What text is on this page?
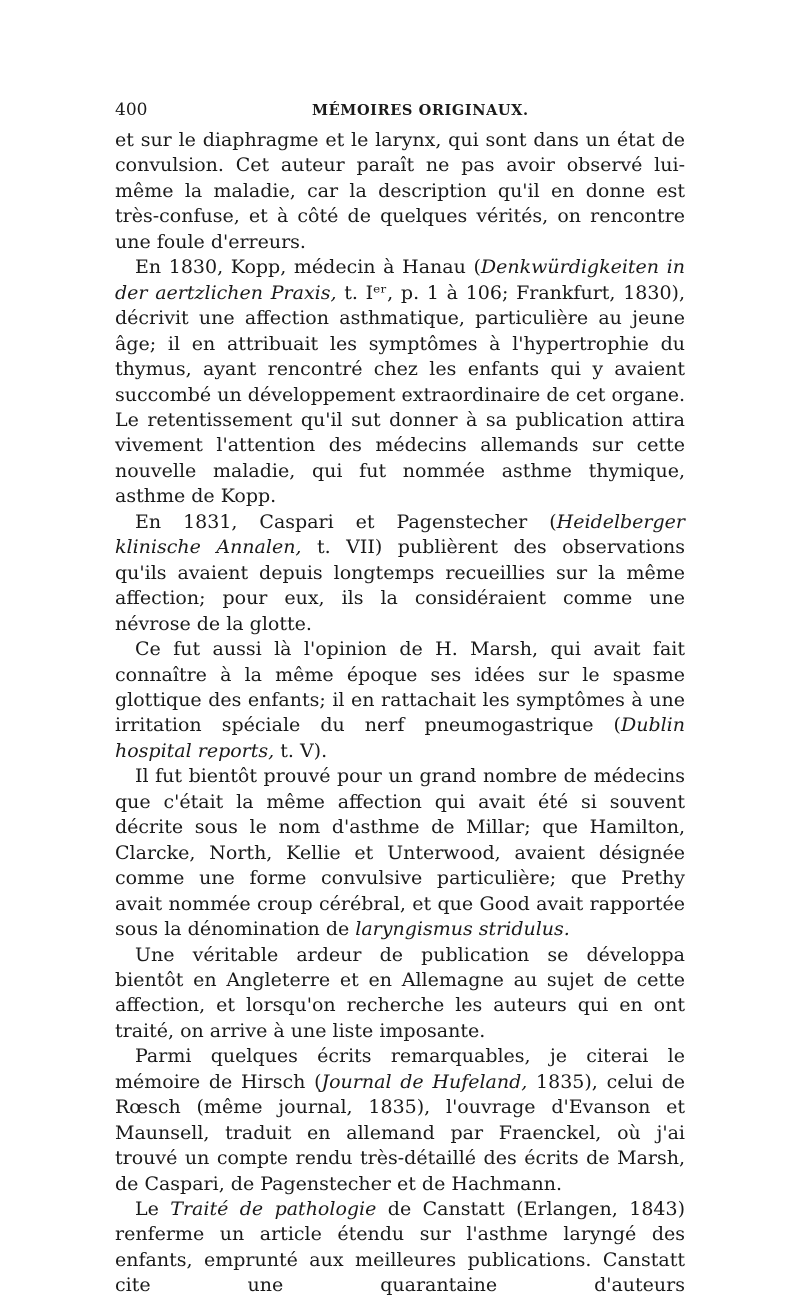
400	MÉMOIRES ORIGINAUX.

et sur le diaphragme et le larynx, qui sont dans un état de convulsion. Cet auteur paraît ne pas avoir observé lui-même la maladie, car la description qu'il en donne est très-confuse, et à côté de quelques vérités, on rencontre une foule d'erreurs.

En 1830, Kopp, médecin à Hanau (Denkwürdigkeiten in der aertzlichen Praxis, t. Iᵉʳ, p. 1 à 106; Frankfurt, 1830), décrivit une affection asthmatique, particulière au jeune âge; il en attribuait les symptômes à l'hypertrophie du thymus, ayant rencontré chez les enfants qui y avaient succombé un développement extraordinaire de cet organe. Le retentissement qu'il sut donner à sa publication attira vivement l'attention des médecins allemands sur cette nouvelle maladie, qui fut nommée asthme thymique, asthme de Kopp.

En 1831, Caspari et Pagenstecher (Heidelberger klinische Annalen, t. VII) publièrent des observations qu'ils avaient depuis longtemps recueillies sur la même affection; pour eux, ils la considéraient comme une névrose de la glotte.

Ce fut aussi là l'opinion de H. Marsh, qui avait fait connaître à la même époque ses idées sur le spasme glottique des enfants; il en rattachait les symptômes à une irritation spéciale du nerf pneumogastrique (Dublin hospital reports, t. V).

Il fut bientôt prouvé pour un grand nombre de médecins que c'était la même affection qui avait été si souvent décrite sous le nom d'asthme de Millar; que Hamilton, Clarcke, North, Kellie et Unterwood, avaient désignée comme une forme convulsive particulière; que Prethy avait nommée croup cérébral, et que Good avait rapportée sous la dénomination de laryngismus stridulus.

Une véritable ardeur de publication se développa bientôt en Angleterre et en Allemagne au sujet de cette affection, et lorsqu'on recherche les auteurs qui en ont traité, on arrive à une liste imposante.

Parmi quelques écrits remarquables, je citerai le mémoire de Hirsch (Journal de Hufeland, 1835), celui de Rœsch (même journal, 1835), l'ouvrage d'Evanson et Maunsell, traduit en allemand par Fraenckel, où j'ai trouvé un compte rendu très-détaillé des écrits de Marsh, de Caspari, de Pagenstecher et de Hachmann.

Le Traité de pathologie de Canstatt (Erlangen, 1843) renferme un article étendu sur l'asthme laryngé des enfants, emprunté aux meilleures publications. Canstatt cite une quarantaine d'auteurs
